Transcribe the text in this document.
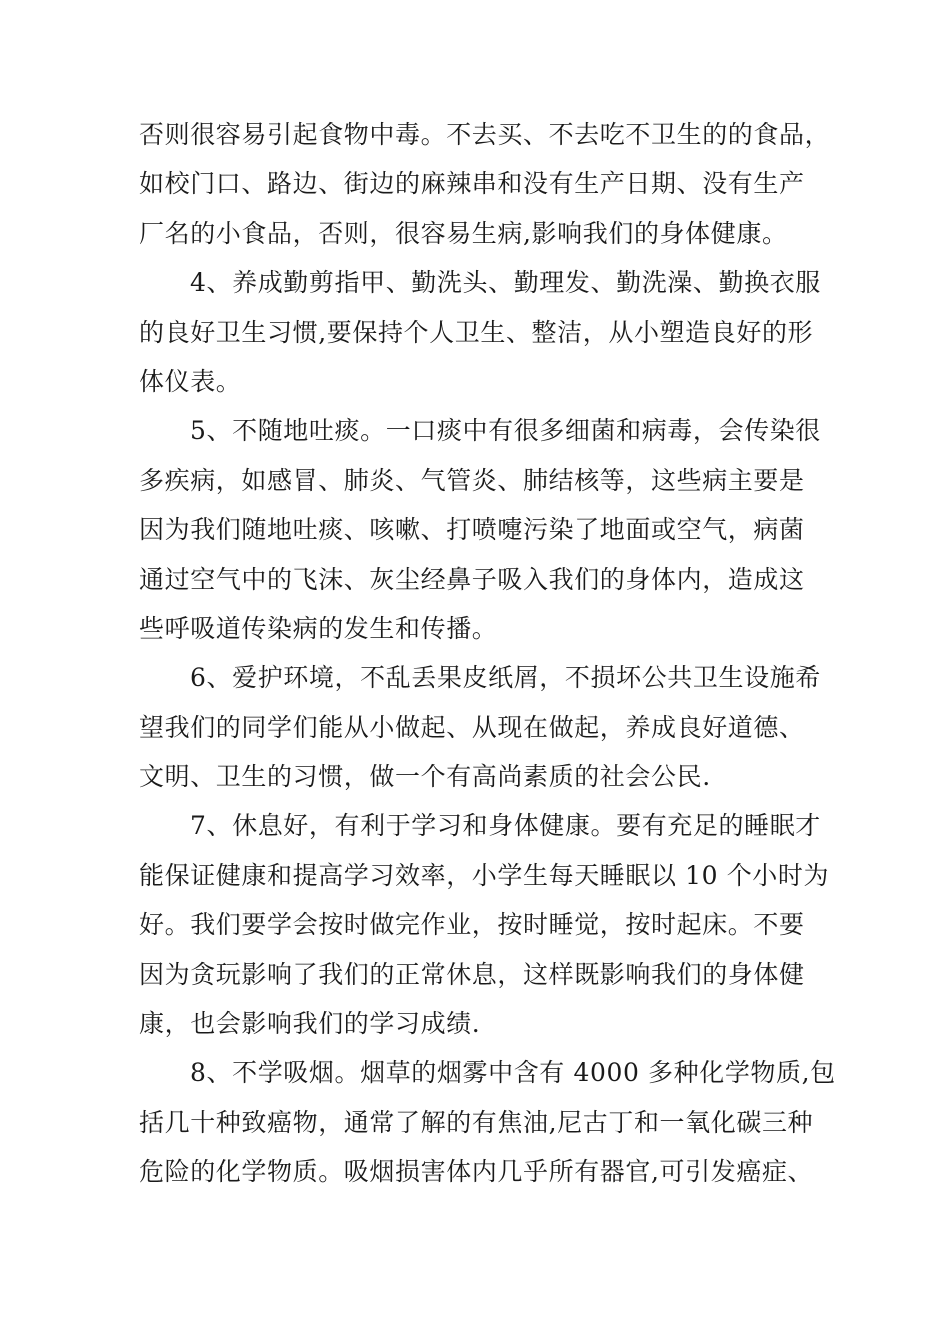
否则很容易引起食物中毒。不去买、不去吃不卫生的的食品，
如校门口、路边、街边的麻辣串和没有生产日期、没有生产
厂名的小食品，否则，很容易生病,影响我们的身体健康。
4、养成勤剪指甲、勤洗头、勤理发、勤洗澡、勤换衣服
的良好卫生习惯,要保持个人卫生、整洁，从小塑造良好的形
体仪表。
5、不随地吐痰。一口痰中有很多细菌和病毒，会传染很
多疾病，如感冒、肺炎、气管炎、肺结核等，这些病主要是
因为我们随地吐痰、咳嗽、打喷嚏污染了地面或空气，病菌
通过空气中的飞沫、灰尘经鼻子吸入我们的身体内，造成这
些呼吸道传染病的发生和传播。
6、爱护环境，不乱丢果皮纸屑，不损坏公共卫生设施希
望我们的同学们能从小做起、从现在做起，养成良好道德、
文明、卫生的习惯，做一个有高尚素质的社会公民.
7、休息好，有利于学习和身体健康。要有充足的睡眠才
能保证健康和提高学习效率，小学生每天睡眠以 10 个小时为
好。我们要学会按时做完作业，按时睡觉，按时起床。不要
因为贪玩影响了我们的正常休息，这样既影响我们的身体健
康，也会影响我们的学习成绩.
8、不学吸烟。烟草的烟雾中含有 4000 多种化学物质,包
括几十种致癌物，通常了解的有焦油,尼古丁和一氧化碳三种
危险的化学物质。吸烟损害体内几乎所有器官,可引发癌症、
